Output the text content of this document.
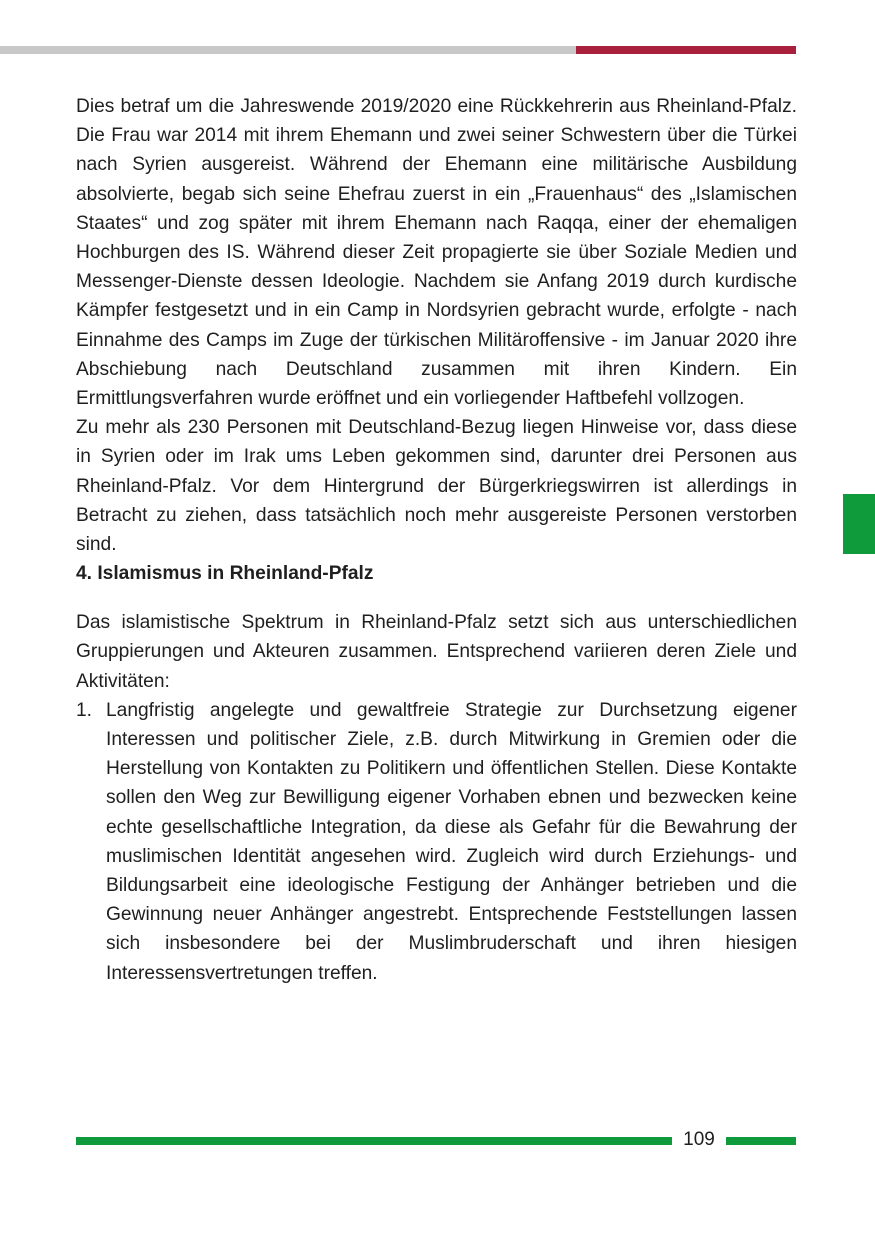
Dies betraf um die Jahreswende 2019/2020 eine Rückkehrerin aus Rheinland-Pfalz. Die Frau war 2014 mit ihrem Ehemann und zwei seiner Schwestern über die Türkei nach Syrien ausgereist. Während der Ehemann eine militärische Ausbildung absolvierte, begab sich seine Ehefrau zuerst in ein „Frauenhaus“ des „Islamischen Staates“ und zog später mit ihrem Ehemann nach Raqqa, einer der ehemaligen Hochburgen des IS. Während dieser Zeit propagierte sie über Soziale Medien und Messenger-Dienste dessen Ideologie. Nachdem sie Anfang 2019 durch kurdische Kämpfer festgesetzt und in ein Camp in Nordsyrien gebracht wurde, erfolgte - nach Einnahme des Camps im Zuge der türkischen Militäroffensive - im Januar 2020 ihre Abschiebung nach Deutschland zusammen mit ihren Kindern. Ein Ermittlungsverfahren wurde eröffnet und ein vorliegender Haftbefehl vollzogen.

Zu mehr als 230 Personen mit Deutschland-Bezug liegen Hinweise vor, dass diese in Syrien oder im Irak ums Leben gekommen sind, darunter drei Personen aus Rheinland-Pfalz. Vor dem Hintergrund der Bürgerkriegswirren ist allerdings in Betracht zu ziehen, dass tatsächlich noch mehr ausgereiste Personen verstorben sind.

4. Islamismus in Rheinland-Pfalz

Das islamistische Spektrum in Rheinland-Pfalz setzt sich aus unterschiedlichen Gruppierungen und Akteuren zusammen. Entsprechend variieren deren Ziele und Aktivitäten:

1. Langfristig angelegte und gewaltfreie Strategie zur Durchsetzung eigener Interessen und politischer Ziele, z.B. durch Mitwirkung in Gremien oder die Herstellung von Kontakten zu Politikern und öffentlichen Stellen. Diese Kontakte sollen den Weg zur Bewilligung eigener Vorhaben ebnen und bezwecken keine echte gesellschaftliche Integration, da diese als Gefahr für die Bewahrung der muslimischen Identität angesehen wird. Zugleich wird durch Erziehungs- und Bildungsarbeit eine ideologische Festigung der Anhänger betrieben und die Gewinnung neuer Anhänger angestrebt. Entsprechende Feststellungen lassen sich insbesondere bei der Muslimbruderschaft und ihren hiesigen Interessensvertretungen treffen.

109
